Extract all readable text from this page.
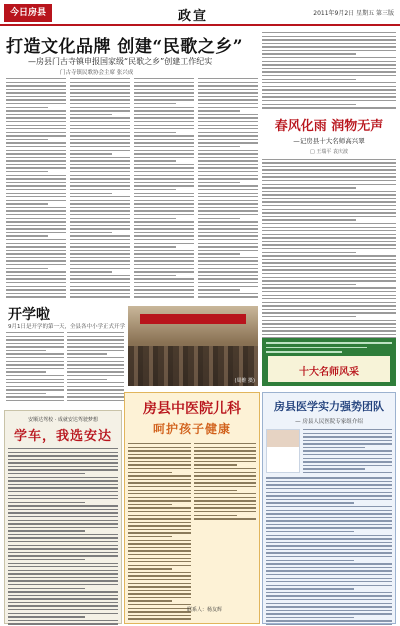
今日房县	政宣	2011年9月2日 星期五 第三版
打造文化品牌 创建“民歌之乡”
—房县门古寺镇申报国家级“民歌之乡”创建工作纪实
门古寺镇民歌协会主席 张兴成
春风化雨 润物无声
—记房县十大名师高兴翠
□ 王瑞平 袁庆波
十大名师风采
开学啦
9月1日是开学的第一天，全县各中小学正式开学
(周维 摄)
安顺达驾校 · 成就安达驾驶梦想
学车，我选安达
房县中医院儿科
呵护孩子健康
联系人：杨友辉
房县医学实力强势团队
— 房县人民医院专家组介绍
